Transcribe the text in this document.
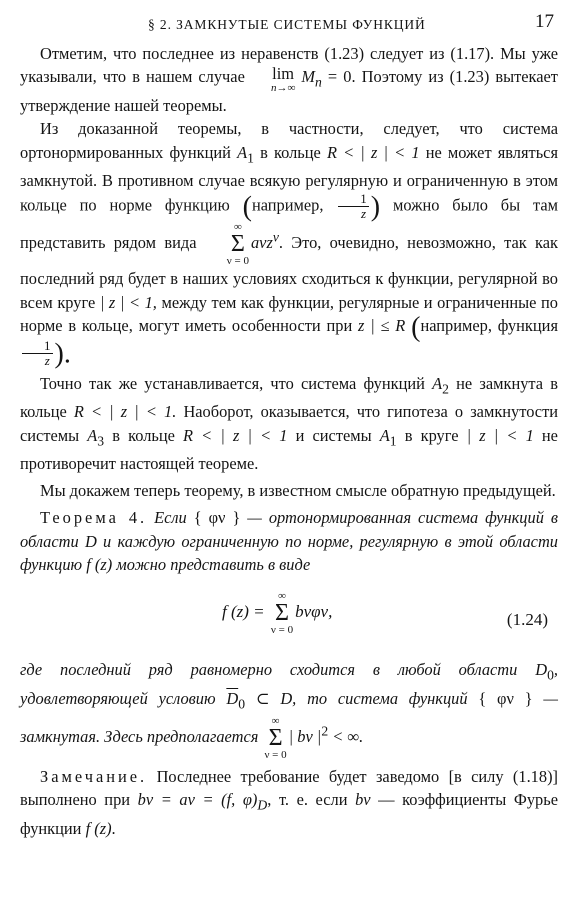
§ 2. ЗАМКНУТЫЕ СИСТЕМЫ ФУНКЦИЙ	17

Отметим, что последнее из неравенств (1.23) следует из (1.17). Мы уже указывали, что в нашем случае lim
n→∞
$M_n = 0$. Поэтому из (1.23) вытекает утверждение нашей теоремы.

Из доказанной теоремы, в частности, следует, что система ортонормированных функций $A_1$ в кольце R < | z | < 1 не может являться замкнутой. В противном случае всякую регулярную и ограниченную в этом кольце по норме функцию (например, $\frac{1}{z}$ ) можно было бы там представить рядом вида
∞
Σ
ν = 0
aνz$^\nu$. Это, очевидно, невозможно, так как последний ряд будет в наших условиях сходиться к функции, регулярной во всем круге | z | < 1, между тем как функции, регулярные и ограниченные по норме в кольце, могут иметь особенности при z | ≤ R (например, функция
$\frac{1}{z}$ ).

Точно так же устанавливается, что система функций $A_2$ не замкнута в кольце R < | z | < 1. Наоборот, оказывается, что гипотеза о замкнутости системы $A_3$ в кольце R < | z | < 1 и системы $A_1$ в круге | z | < 1 не противоречит настоящей теореме.

Мы докажем теперь теорему, в известном смысле обратную предыдущей.

Теорема 4. Если { φν } — ортонормированная система функций в области D и каждую ограниченную по норме, регулярную в этой области функцию f (z) можно представить в виде

f (z) =
∞
Σ
ν = 0
bνφν,	(1.24)

где последний ряд равномерно сходится в любой области $D_0$, удовлетворяющей условию $\overline{D}_0$ ⊂ D, то система функций { φν } — замкнутая. Здесь предполагается
∞
Σ
ν = 0
| bν $|^2$ < ∞.

Замечание. Последнее требование будет заведомо [в силу (1.18)] выполнено при bν = aν = (f, $\varphi)_D$, т. е. если bν — коэффициенты Фурье функции f (z).
